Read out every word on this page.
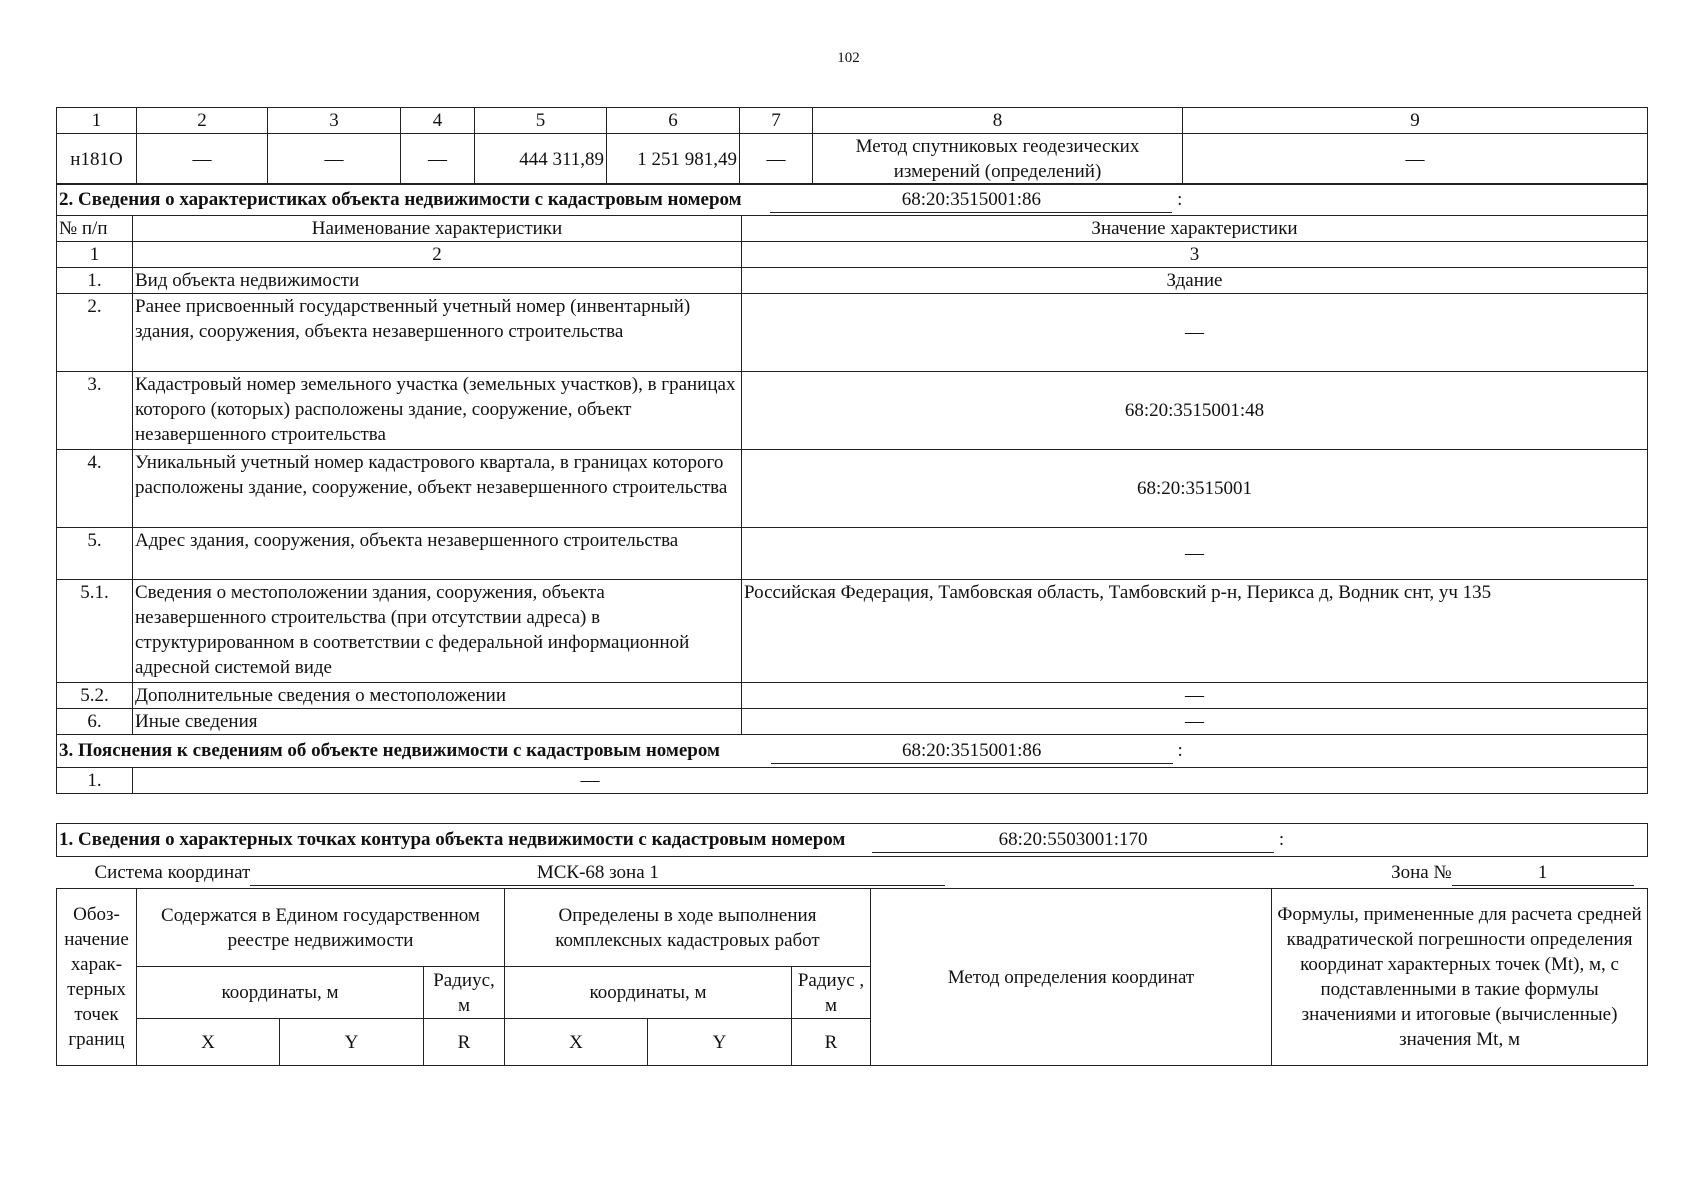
102
1	2	3	4	5	6	7	8	9
н181О	—	—	—	444 311,89	1 251 981,49	—	Метод спутниковых геодезических измерений (определений)	—
2. Сведения о характеристиках объекта недвижимости с кадастровым номером 68:20:3515001:86 :		
№ п/п	Наименование характеристики	Значение характеристики
1	2	3
1.	Вид объекта недвижимости	Здание
2.	Ранее присвоенный государственный учетный номер (инвентарный) здания, сооружения, объекта незавершенного строительства	—
3.	Кадастровый номер земельного участка (земельных участков), в границах которого (которых) расположены здание, сооружение, объект незавершенного строительства	68:20:3515001:48
4.	Уникальный учетный номер кадастрового квартала, в границах которого расположены здание, сооружение, объект незавершенного строительства	68:20:3515001
5.	Адрес здания, сооружения, объекта незавершенного строительства	—
5.1.	Сведения о местоположении здания, сооружения, объекта незавершенного строительства (при отсутствии адреса) в структурированном в соответствии с федеральной информационной адресной системой виде	Российская Федерация, Тамбовская область, Тамбовский р-н, Перикса д, Водник снт, уч 135
5.2.	Дополнительные сведения о местоположении	—
6.	Иные сведения	—
3. Пояснения к сведениям об объекте недвижимости с кадастровым номером 68:20:3515001:86 :		
1.	—	
1. Сведения о характерных точках контура объекта недвижимости с кадастровым номером 68:20:5503001:170 :								
Система координат МСК-68 зона 1 Зона № 1								

Обоз- начение харак- терных точек границ	Содержатся в Едином государственном реестре недвижимости			Определены в ходе выполнения комплексных кадастровых работ			Метод определения координат	Формулы, примененные для расчета средней квадратической погрешности определения координат характерных точек (Mt), м, с подставленными в такие формулы значениями и итоговые (вычисленные) значения Mt, м
	координаты, м		Радиус, м	координаты, м		Радиус , м		
	X	Y	R	X	Y	R		
